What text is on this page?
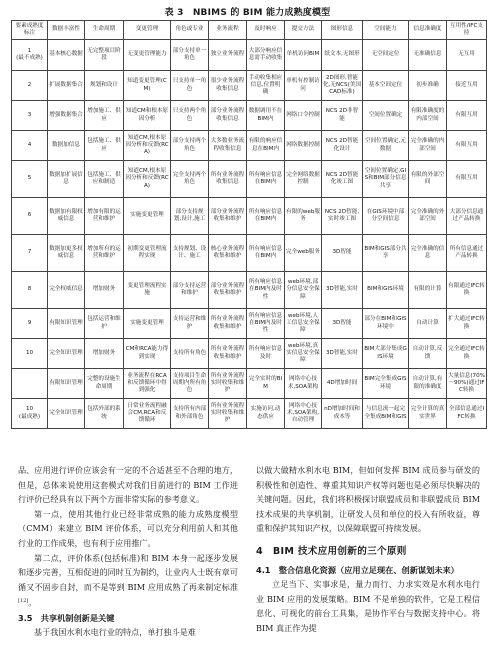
表 3　NBIMS 的 BIM 能力成熟度模型
要素成熟度标注	数据丰富性	生命周期	变更管理	角色或专业	业务流程	及时响应	提交方法	图形信息	空间能力	信息准确度	互用性/IFC支持
1
(最不成熟)	基本核心数据	无完整项目阶段	无变更管理能力	部分支持单一角色	独立业务流程	大部分响应信息需手动收集	单机访问BIM	纸文本,无图形	无空间定位	无准确信息	无互用
2	扩展数据集合	规划和设计	知道变更管理(CM)	只支持单一角色	很少业务流程收集信息	手动收集相应信息,位置明确	单机有控制访问	2D图形,智能化,无NCS(美国CAD标准)	基本空间定位	初步准确	接近互用
3	增强数据集合	增加施工、供应	知道CM和根本原因分析	只支持两个角色	部分业务流程收集信息	数据调用不在BIM内	网络口令控制	NCS 2D非智能	空间位置确定	有限准确度的内部空间	有限互用
4	数据加信息	包括施工、供应	知道CM,根本原因分析和反馈(RCA)	部分支持两个角色	大多数业务流程收集信息	有限的响应信息在BIM内	网络数据控制	NCS 2D智能化设计	空间位置确定,元数据	完全准确的内部空间	有限互用
5	数据加扩展信息	包括施工、供应和制造	知道CM,根本原因分析和反馈(RCA)	完全支持两个角色	所有业务流程收集信息	所有响应信息在BIM内	完全网络数据控制	NCS 2D智能化竣工图	空间位置确定,GIS和BIM部分信息共享	有限的外部空间	有限互用
6	数据加有限权威信息	增加有限的运营和维护	实施变更管理	部分支持规划,设计,施工	部分业务流程收集和维护	所有响应信息在BIM内	有限的web服务	NCS 2D智能,实时竣工图	在GIS环境中部分空间信息	完全准确的外部空间	大部分信息通过产品转换
7	数据加更多权威信息	增加所有的运营和维护	初期变更管理流程实现	支持规划、设计、施工	核心业务流程收集和维护	所有响应信息在BIM内	完全web服务	3D智能	BIM和GIS部分共享	完全准确的信息	所有信息通过产品转换
8	完全权威信息	增加财务	变更管理流程实施	部分支持运营和维护	部分业务流程收集和维护	所有响应信息在BIM内及时性	web环境,部分信息安全保障	3D智能,实时	BIM和GIS环境	有限的计算	有限通过IFC转换
9	有限知识管理	包括运营和维护	实施变更管理	支持运营和维护	所有业务流程收集和维护	所有响应信息在BIM内及时性	web环境,人工信息安全保障	3D智能	部分在BIM和GIS环境中	自动计算	扩大通过IFC转换
10	完全知识管理	增加财务	CM和RCA能力得到实现	支持所有角色	所有业务流程收集和维护	所有响应信息及时	web环境,真实信息安全保障	3D智能,实时	BIM大部分集成GIS环境	自动计算,反馈	完全通过IFC转换
	有限知识管理	完整的设施生命周期	业务流程在RCA和反馈循环中得到强化	支持项目生命周期内所有角色	所有业务流程实时收集和维护	完全实时的BIM	网络中心技术,SOA架构	4D增加时间	BIM完全集成GIS环境	自动计算,有限的准确度	大量信息(70%～90%)通过IFC转换
10
(最成熟)	完全知识管理	包括外部的系统	日常业务流程融合CM,RCA和反馈循环	支持所有内部和外部角色	所有业务流程实时收集和维护	实施访问,动态供应	网络中心技术,SOA架构,自动管理	nD增加时间和成本等	与信息流一起完全集成BIM和GIS	完全计算的真实世界	全部信息通过IFC转换

品、应用进行评价应该会有一定的不合适甚至不合理的地方，但是，总体来说使用这套模式对我们目前进行的 BIM 工作进行评价已经具有以下两个方面非常实际的参考意义。

第一点，使用其他行业已经非常成熟的能力成熟度模型（CMM）来建立 BIM 评价体系，可以充分利用前人和其他行业的工作成果，也有利于应用推广。

第二点，评价体系(包括标准)和 BIM 本身一起逐步发展和逐步完善，互相促进的同时互为制约，让业内人士既有章可循又不固步自封，而不是等到 BIM 应用成熟了再来制定标准[12]。

3.5　共享机制创新是关键

基于我国水利水电行业的特点，单打独斗是难

以做大做精水利水电 BIM，但如何发挥 BIM 成员参与研发的积极性和创造性、尊重其知识产权等问题也是必须尽快解决的关键问题。因此，我们将积极探讨联盟成员和非联盟成员 BIM 技术成果的共享机制，让研发人员和单位的投入有所收益，尊重和保护其知识产权，以保障联盟可持续发展。

4　BIM 技术应用创新的三个原则

4.1　整合信息化资源（应用立足现在、创新谋划未来）

立足当下、实事求是，量力而行、力求实效是水利水电行业 BIM 应用的发展策略。BIM 不是单独的软件，它是工程信息化、可视化的前台工具集，是协作平台与数据支持中心。将 BIM 真正作为提
